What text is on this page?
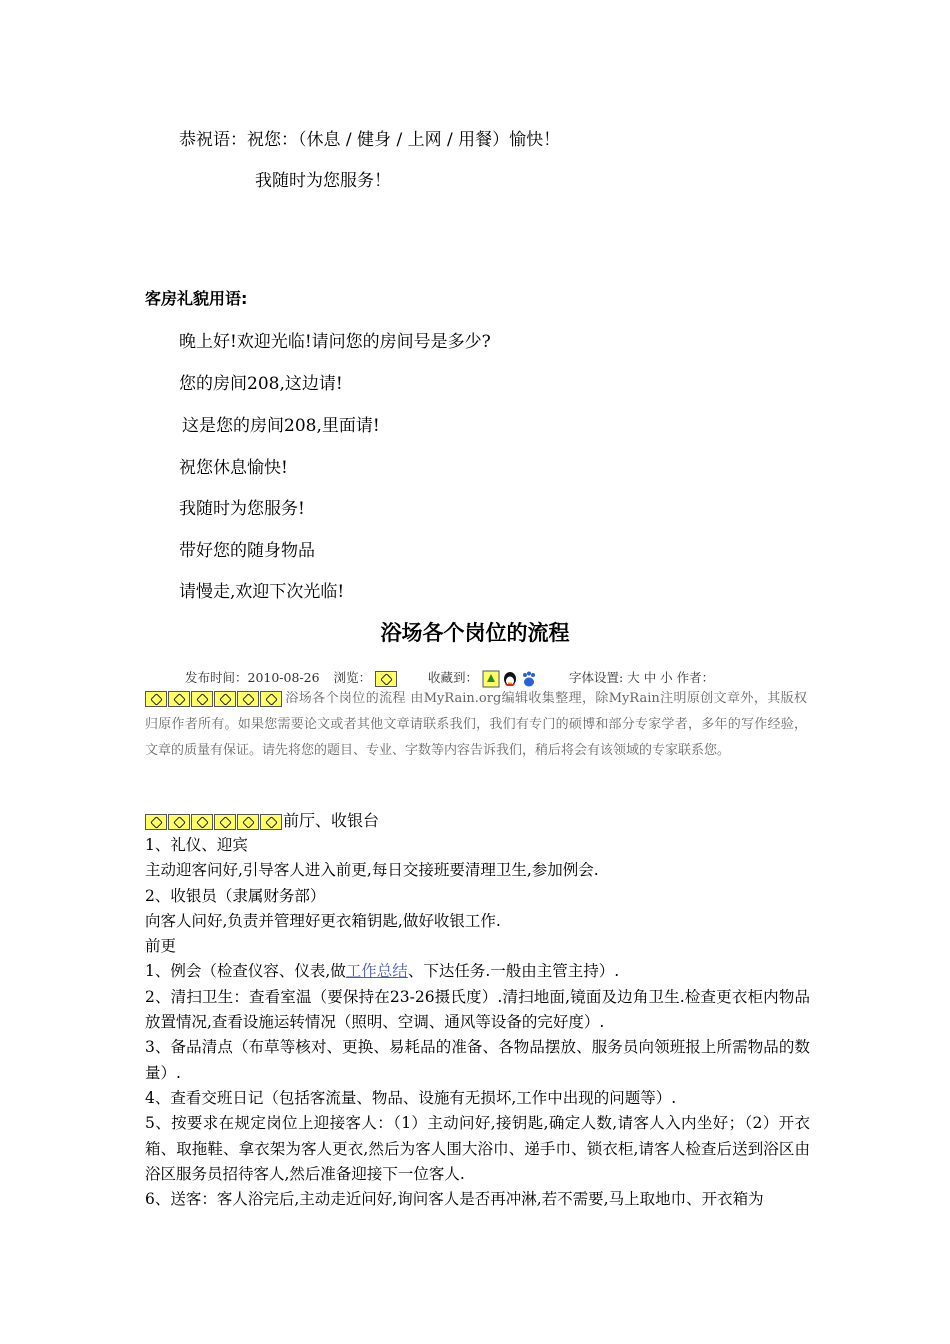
恭祝语：祝您：（休息 / 健身 / 上网 / 用餐）愉快！
我随时为您服务！
客房礼貌用语:
晚上好!欢迎光临!请问您的房间号是多少?
您的房间208,这边请!
这是您的房间208,里面请!
祝您休息愉快!
我随时为您服务!
带好您的随身物品
请慢走,欢迎下次光临!
浴场各个岗位的流程
发布时间：2010-08-26 浏览：	收藏到：	字体设置: 大 中 小 作者：
浴场各个岗位的流程 由MyRain.org编辑收集整理，除MyRain注明原创文章外，其版权归原作者所有。如果您需要论文或者其他文章请联系我们，我们有专门的硕博和部分专家学者，多年的写作经验，文章的质量有保证。请先将您的题目、专业、字数等内容告诉我们，稍后将会有该领域的专家联系您。
前厅、收银台

1、礼仪、迎宾

主动迎客问好,引导客人进入前更,每日交接班要清理卫生,参加例会.

2、收银员（隶属财务部）

向客人问好,负责并管理好更衣箱钥匙,做好收银工作.

前更

1、例会（检查仪容、仪表,做工作总结、下达任务.一般由主管主持）.

2、清扫卫生：查看室温（要保持在23-26摄氏度）.清扫地面,镜面及边角卫生.检查更衣柜内物品放置情况,查看设施运转情况（照明、空调、通风等设备的完好度）.

3、备品清点（布草等核对、更换、易耗品的准备、各物品摆放、服务员向领班报上所需物品的数量）.

4、查看交班日记（包括客流量、物品、设施有无损坏,工作中出现的问题等）.

5、按要求在规定岗位上迎接客人：（1）主动问好,接钥匙,确定人数,请客人入内坐好；（2）开衣箱、取拖鞋、拿衣架为客人更衣,然后为客人围大浴巾、递手巾、锁衣柜,请客人检查后送到浴区由浴区服务员招待客人,然后准备迎接下一位客人.

6、送客：客人浴完后,主动走近问好,询问客人是否再冲淋,若不需要,马上取地巾、开衣箱为
